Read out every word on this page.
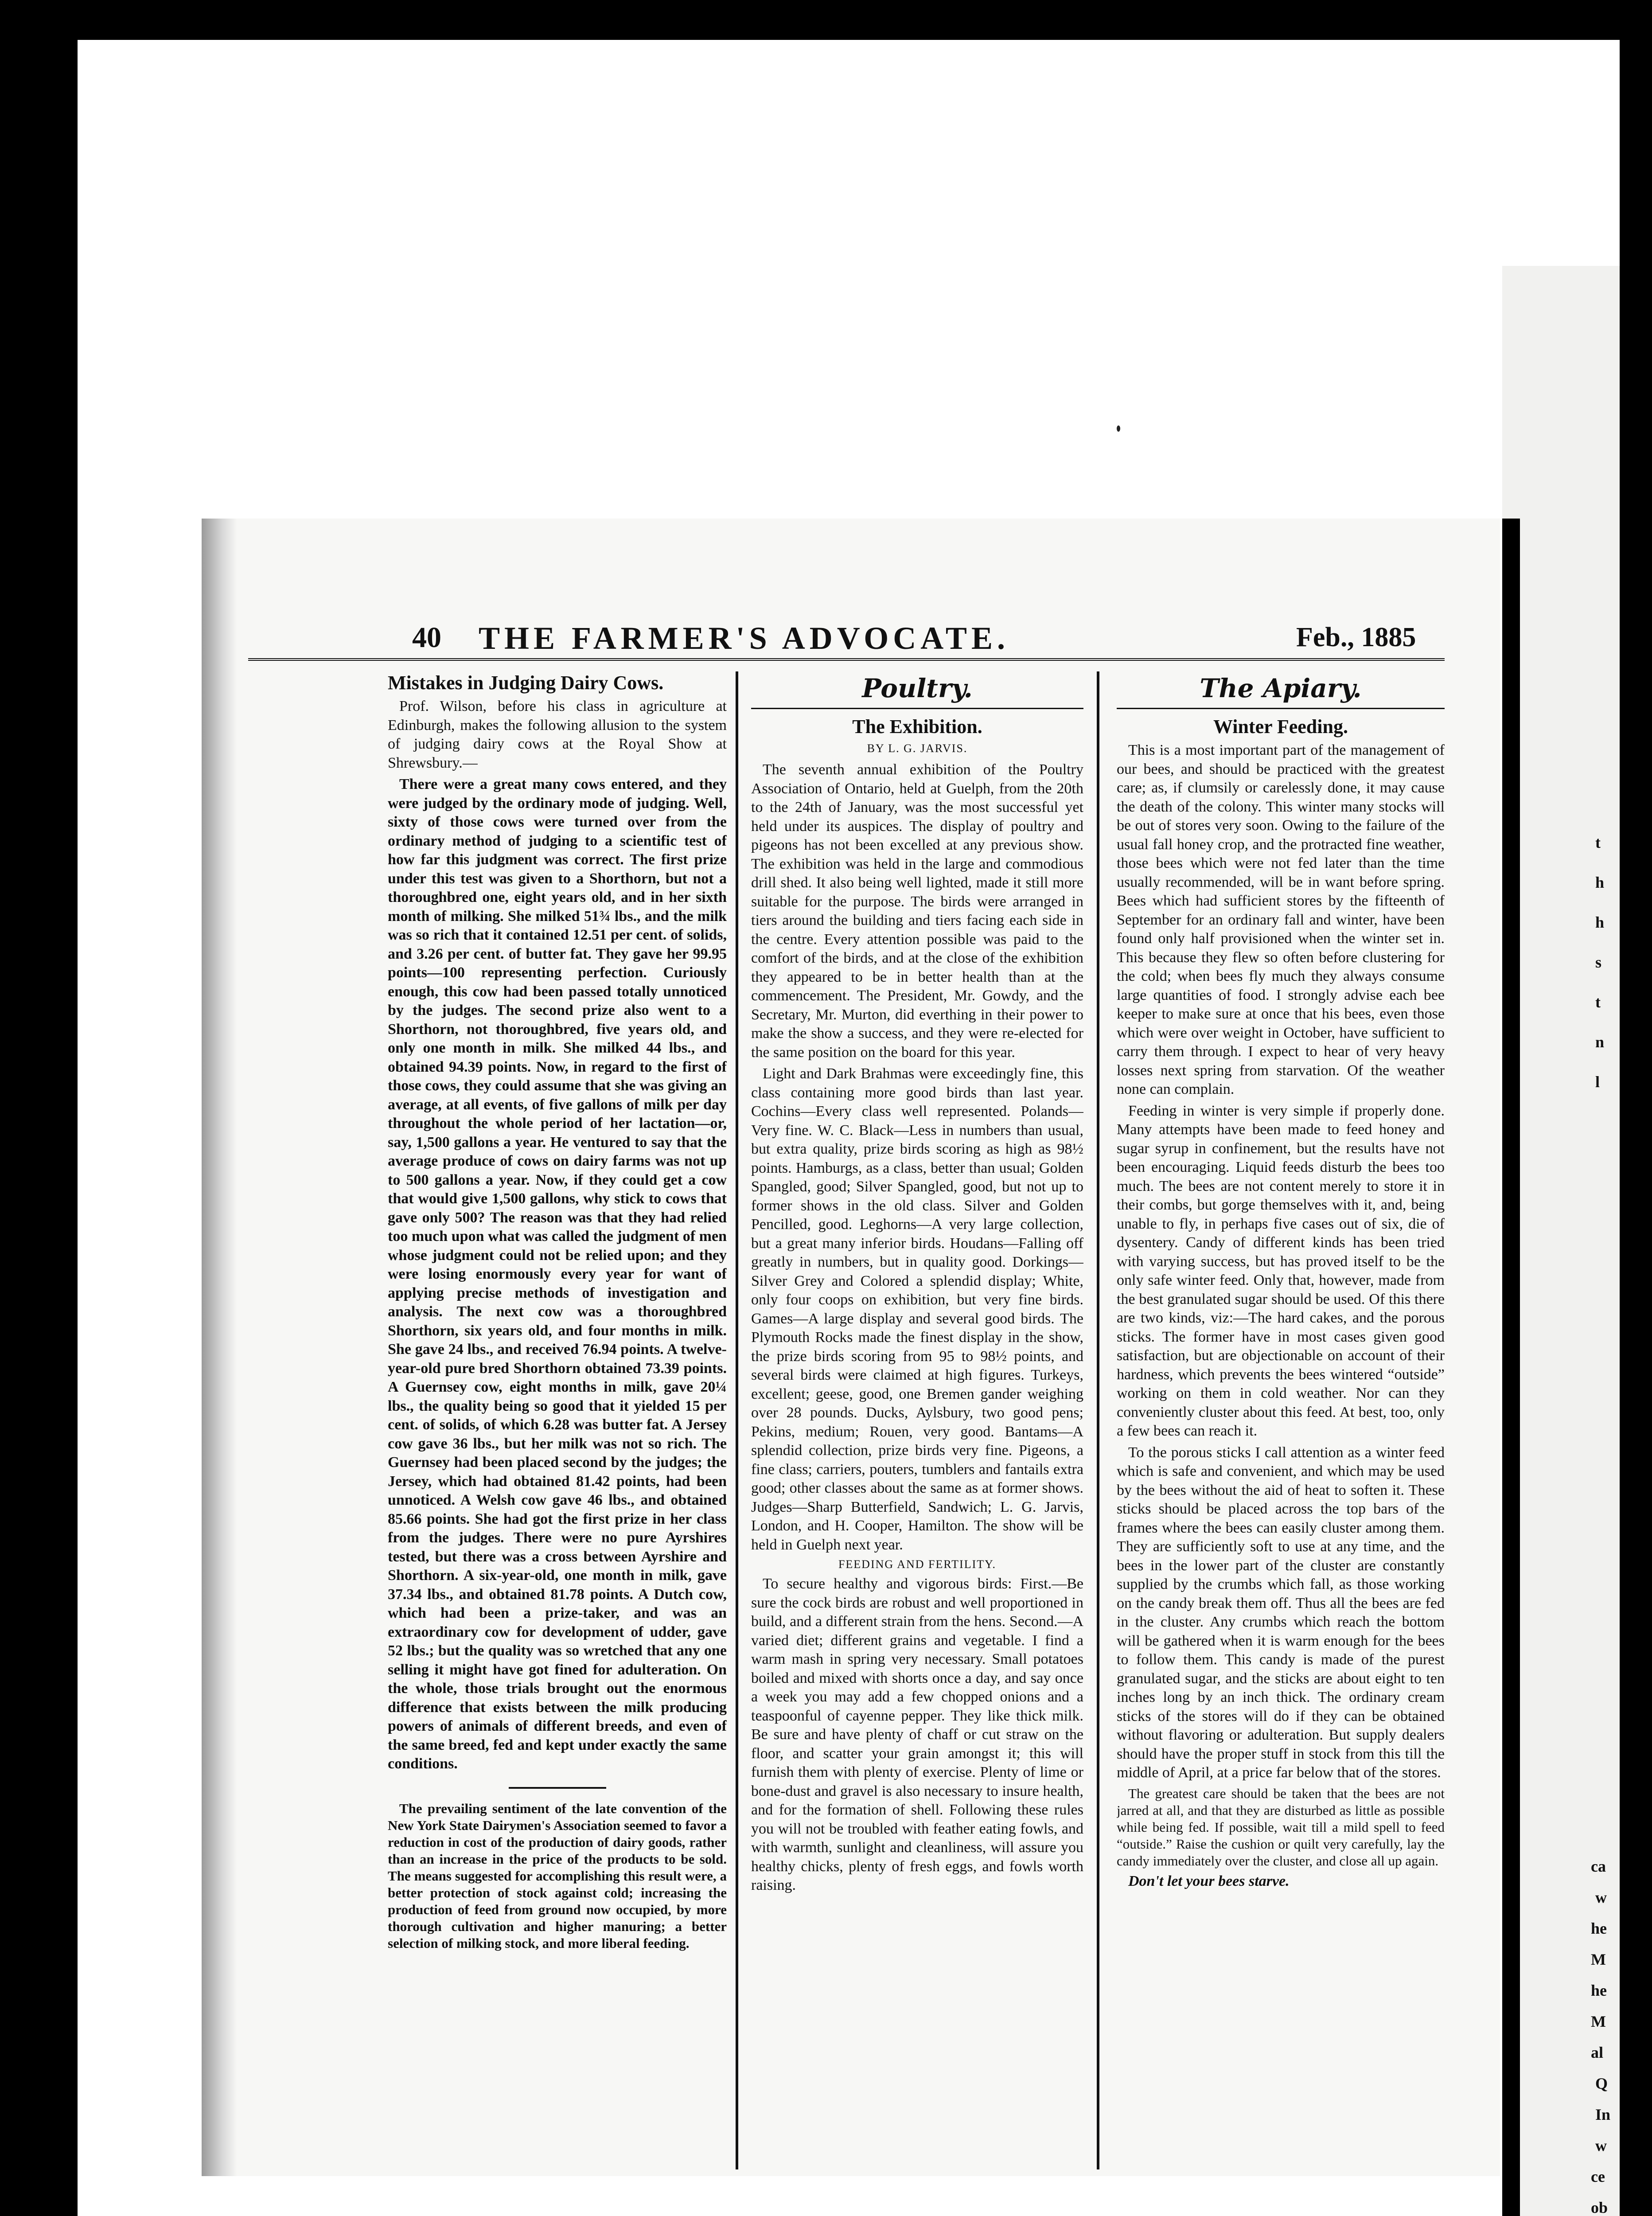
t
h
h
s
t
n
l
ca
w
he
M
he
M
al
Q
In
w
ce
ob
40 THE FARMER'S ADVOCATE.	Feb., 1885
Mistakes in Judging Dairy Cows.

Prof. Wilson, before his class in agriculture at Edinburgh, makes the following allusion to the system of judging dairy cows at the Royal Show at Shrewsbury.—

There were a great many cows entered, and they were judged by the ordinary mode of judging. Well, sixty of those cows were turned over from the ordinary method of judging to a scientific test of how far this judgment was correct. The first prize under this test was given to a Shorthorn, but not a thoroughbred one, eight years old, and in her sixth month of milking. She milked 51¾ lbs., and the milk was so rich that it contained 12.51 per cent. of solids, and 3.26 per cent. of butter fat. They gave her 99.95 points—100 representing perfection. Curiously enough, this cow had been passed totally unnoticed by the judges. The second prize also went to a Shorthorn, not thoroughbred, five years old, and only one month in milk. She milked 44 lbs., and obtained 94.39 points. Now, in regard to the first of those cows, they could assume that she was giving an average, at all events, of five gallons of milk per day throughout the whole period of her lactation—or, say, 1,500 gallons a year. He ventured to say that the average produce of cows on dairy farms was not up to 500 gallons a year. Now, if they could get a cow that would give 1,500 gallons, why stick to cows that gave only 500? The reason was that they had relied too much upon what was called the judgment of men whose judgment could not be relied upon; and they were losing enormously every year for want of applying precise methods of investigation and analysis. The next cow was a thoroughbred Shorthorn, six years old, and four months in milk. She gave 24 lbs., and received 76.94 points. A twelve-year-old pure bred Shorthorn obtained 73.39 points. A Guernsey cow, eight months in milk, gave 20¼ lbs., the quality being so good that it yielded 15 per cent. of solids, of which 6.28 was butter fat. A Jersey cow gave 36 lbs., but her milk was not so rich. The Guernsey had been placed second by the judges; the Jersey, which had obtained 81.42 points, had been unnoticed. A Welsh cow gave 46 lbs., and obtained 85.66 points. She had got the first prize in her class from the judges. There were no pure Ayrshires tested, but there was a cross between Ayrshire and Shorthorn. A six-year-old, one month in milk, gave 37.34 lbs., and obtained 81.78 points. A Dutch cow, which had been a prize-taker, and was an extraordinary cow for development of udder, gave 52 lbs.; but the quality was so wretched that any one selling it might have got fined for adulteration. On the whole, those trials brought out the enormous difference that exists between the milk producing powers of animals of different breeds, and even of the same breed, fed and kept under exactly the same conditions.

The prevailing sentiment of the late convention of the New York State Dairymen's Association seemed to favor a reduction in cost of the production of dairy goods, rather than an increase in the price of the products to be sold. The means suggested for accomplishing this result were, a better protection of stock against cold; increasing the production of feed from ground now occupied, by more thorough cultivation and higher manuring; a better selection of milking stock, and more liberal feeding.

Poultry.
The Exhibition.
BY L. G. JARVIS.

The seventh annual exhibition of the Poultry Association of Ontario, held at Guelph, from the 20th to the 24th of January, was the most successful yet held under its auspices. The display of poultry and pigeons has not been excelled at any previous show. The exhibition was held in the large and commodious drill shed. It also being well lighted, made it still more suitable for the purpose. The birds were arranged in tiers around the building and tiers facing each side in the centre. Every attention possible was paid to the comfort of the birds, and at the close of the exhibition they appeared to be in better health than at the commencement. The President, Mr. Gowdy, and the Secretary, Mr. Murton, did everthing in their power to make the show a success, and they were re-elected for the same position on the board for this year.

Light and Dark Brahmas were exceedingly fine, this class containing more good birds than last year. Cochins—Every class well represented. Polands—Very fine. W. C. Black—Less in numbers than usual, but extra quality, prize birds scoring as high as 98½ points. Hamburgs, as a class, better than usual; Golden Spangled, good; Silver Spangled, good, but not up to former shows in the old class. Silver and Golden Pencilled, good. Leghorns—A very large collection, but a great many inferior birds. Houdans—Falling off greatly in numbers, but in quality good. Dorkings—Silver Grey and Colored a splendid display; White, only four coops on exhibition, but very fine birds. Games—A large display and several good birds. The Plymouth Rocks made the finest display in the show, the prize birds scoring from 95 to 98½ points, and several birds were claimed at high figures. Turkeys, excellent; geese, good, one Bremen gander weighing over 28 pounds. Ducks, Aylsbury, two good pens; Pekins, medium; Rouen, very good. Bantams—A splendid collection, prize birds very fine. Pigeons, a fine class; carriers, pouters, tumblers and fantails extra good; other classes about the same as at former shows. Judges—Sharp Butterfield, Sandwich; L. G. Jarvis, London, and H. Cooper, Hamilton. The show will be held in Guelph next year.

FEEDING AND FERTILITY.

To secure healthy and vigorous birds: First.—Be sure the cock birds are robust and well proportioned in build, and a different strain from the hens. Second.—A varied diet; different grains and vegetable. I find a warm mash in spring very necessary. Small potatoes boiled and mixed with shorts once a day, and say once a week you may add a few chopped onions and a teaspoonful of cayenne pepper. They like thick milk. Be sure and have plenty of chaff or cut straw on the floor, and scatter your grain amongst it; this will furnish them with plenty of exercise. Plenty of lime or bone-dust and gravel is also necessary to insure health, and for the formation of shell. Following these rules you will not be troubled with feather eating fowls, and with warmth, sunlight and cleanliness, will assure you healthy chicks, plenty of fresh eggs, and fowls worth raising.

The Apiary.
Winter Feeding.

This is a most important part of the management of our bees, and should be practiced with the greatest care; as, if clumsily or carelessly done, it may cause the death of the colony. This winter many stocks will be out of stores very soon. Owing to the failure of the usual fall honey crop, and the protracted fine weather, those bees which were not fed later than the time usually recommended, will be in want before spring. Bees which had sufficient stores by the fifteenth of September for an ordinary fall and winter, have been found only half provisioned when the winter set in. This because they flew so often before clustering for the cold; when bees fly much they always consume large quantities of food. I strongly advise each bee keeper to make sure at once that his bees, even those which were over weight in October, have sufficient to carry them through. I expect to hear of very heavy losses next spring from starvation. Of the weather none can complain.

Feeding in winter is very simple if properly done. Many attempts have been made to feed honey and sugar syrup in confinement, but the results have not been encouraging. Liquid feeds disturb the bees too much. The bees are not content merely to store it in their combs, but gorge themselves with it, and, being unable to fly, in perhaps five cases out of six, die of dysentery. Candy of different kinds has been tried with varying success, but has proved itself to be the only safe winter feed. Only that, however, made from the best granulated sugar should be used. Of this there are two kinds, viz:—The hard cakes, and the porous sticks. The former have in most cases given good satisfaction, but are objectionable on account of their hardness, which prevents the bees wintered “outside” working on them in cold weather. Nor can they conveniently cluster about this feed. At best, too, only a few bees can reach it.

To the porous sticks I call attention as a winter feed which is safe and convenient, and which may be used by the bees without the aid of heat to soften it. These sticks should be placed across the top bars of the frames where the bees can easily cluster among them. They are sufficiently soft to use at any time, and the bees in the lower part of the cluster are constantly supplied by the crumbs which fall, as those working on the candy break them off. Thus all the bees are fed in the cluster. Any crumbs which reach the bottom will be gathered when it is warm enough for the bees to follow them. This candy is made of the purest granulated sugar, and the sticks are about eight to ten inches long by an inch thick. The ordinary cream sticks of the stores will do if they can be obtained without flavoring or adulteration. But supply dealers should have the proper stuff in stock from this till the middle of April, at a price far below that of the stores.

The greatest care should be taken that the bees are not jarred at all, and that they are disturbed as little as possible while being fed. If possible, wait till a mild spell to feed “outside.” Raise the cushion or quilt very carefully, lay the candy immediately over the cluster, and close all up again.

Don't let your bees starve.
